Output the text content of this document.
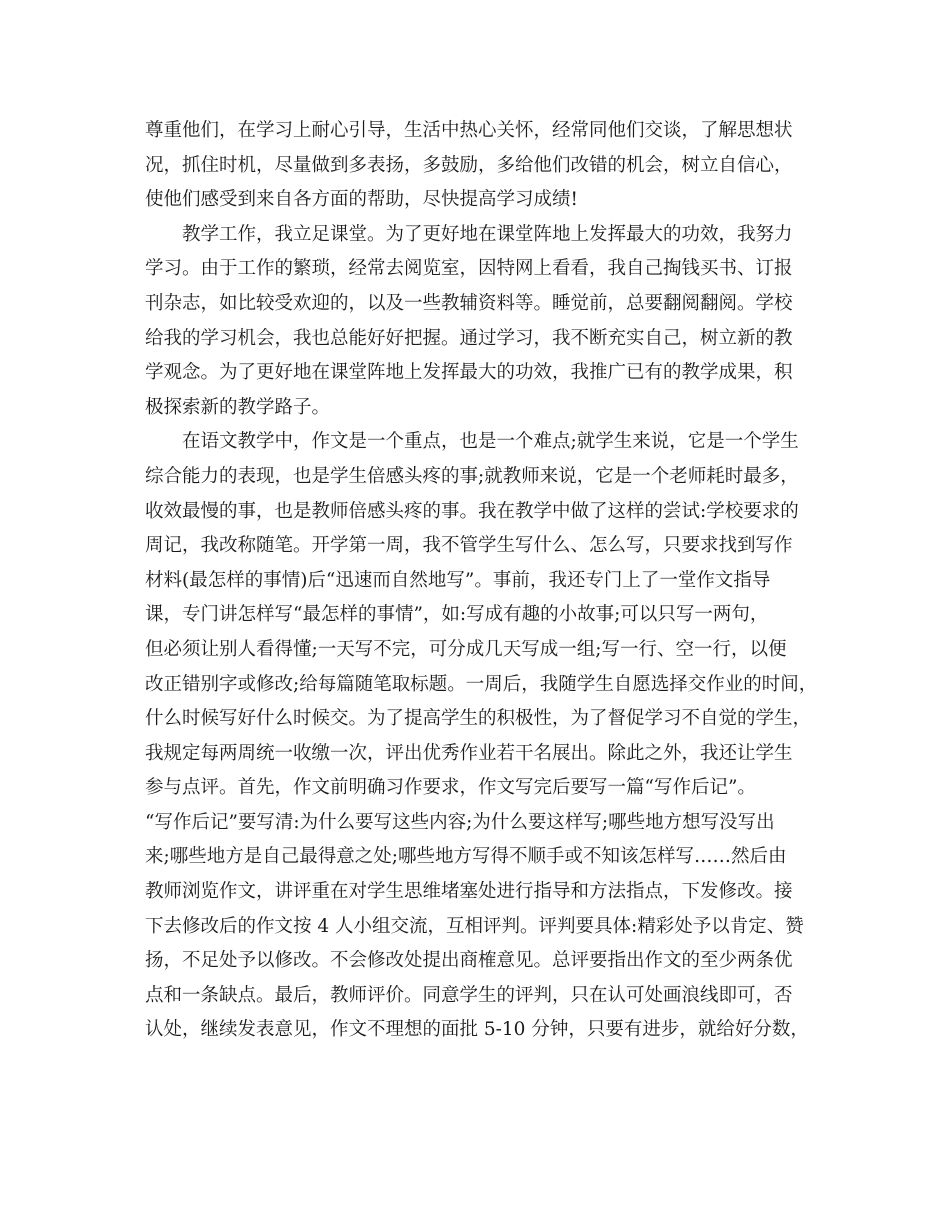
尊重他们，在学习上耐心引导，生活中热心关怀，经常同他们交谈，了解思想状
况，抓住时机，尽量做到多表扬，多鼓励，多给他们改错的机会，树立自信心，
使他们感受到来自各方面的帮助，尽快提高学习成绩!
教学工作，我立足课堂。为了更好地在课堂阵地上发挥最大的功效，我努力
学习。由于工作的繁琐，经常去阅览室，因特网上看看，我自己掏钱买书、订报
刊杂志，如比较受欢迎的，以及一些教辅资料等。睡觉前，总要翻阅翻阅。学校
给我的学习机会，我也总能好好把握。通过学习，我不断充实自己，树立新的教
学观念。为了更好地在课堂阵地上发挥最大的功效，我推广已有的教学成果，积
极探索新的教学路子。
在语文教学中，作文是一个重点，也是一个难点;就学生来说，它是一个学生
综合能力的表现，也是学生倍感头疼的事;就教师来说，它是一个老师耗时最多，
收效最慢的事，也是教师倍感头疼的事。我在教学中做了这样的尝试:学校要求的
周记，我改称随笔。开学第一周，我不管学生写什么、怎么写，只要求找到写作
材料(最怎样的事情)后“迅速而自然地写”。事前，我还专门上了一堂作文指导
课，专门讲怎样写“最怎样的事情”，如:写成有趣的小故事;可以只写一两句，
但必须让别人看得懂;一天写不完，可分成几天写成一组;写一行、空一行，以便
改正错别字或修改;给每篇随笔取标题。一周后，我随学生自愿选择交作业的时间，
什么时候写好什么时候交。为了提高学生的积极性，为了督促学习不自觉的学生，
我规定每两周统一收缴一次，评出优秀作业若干名展出。除此之外，我还让学生
参与点评。首先，作文前明确习作要求，作文写完后要写一篇“写作后记”。
“写作后记”要写清:为什么要写这些内容;为什么要这样写;哪些地方想写没写出
来;哪些地方是自己最得意之处;哪些地方写得不顺手或不知该怎样写……然后由
教师浏览作文，讲评重在对学生思维堵塞处进行指导和方法指点，下发修改。接
下去修改后的作文按 4 人小组交流，互相评判。评判要具体:精彩处予以肯定、赞
扬，不足处予以修改。不会修改处提出商榷意见。总评要指出作文的至少两条优
点和一条缺点。最后，教师评价。同意学生的评判，只在认可处画浪线即可，否
认处，继续发表意见，作文不理想的面批 5-10 分钟，只要有进步，就给好分数，
